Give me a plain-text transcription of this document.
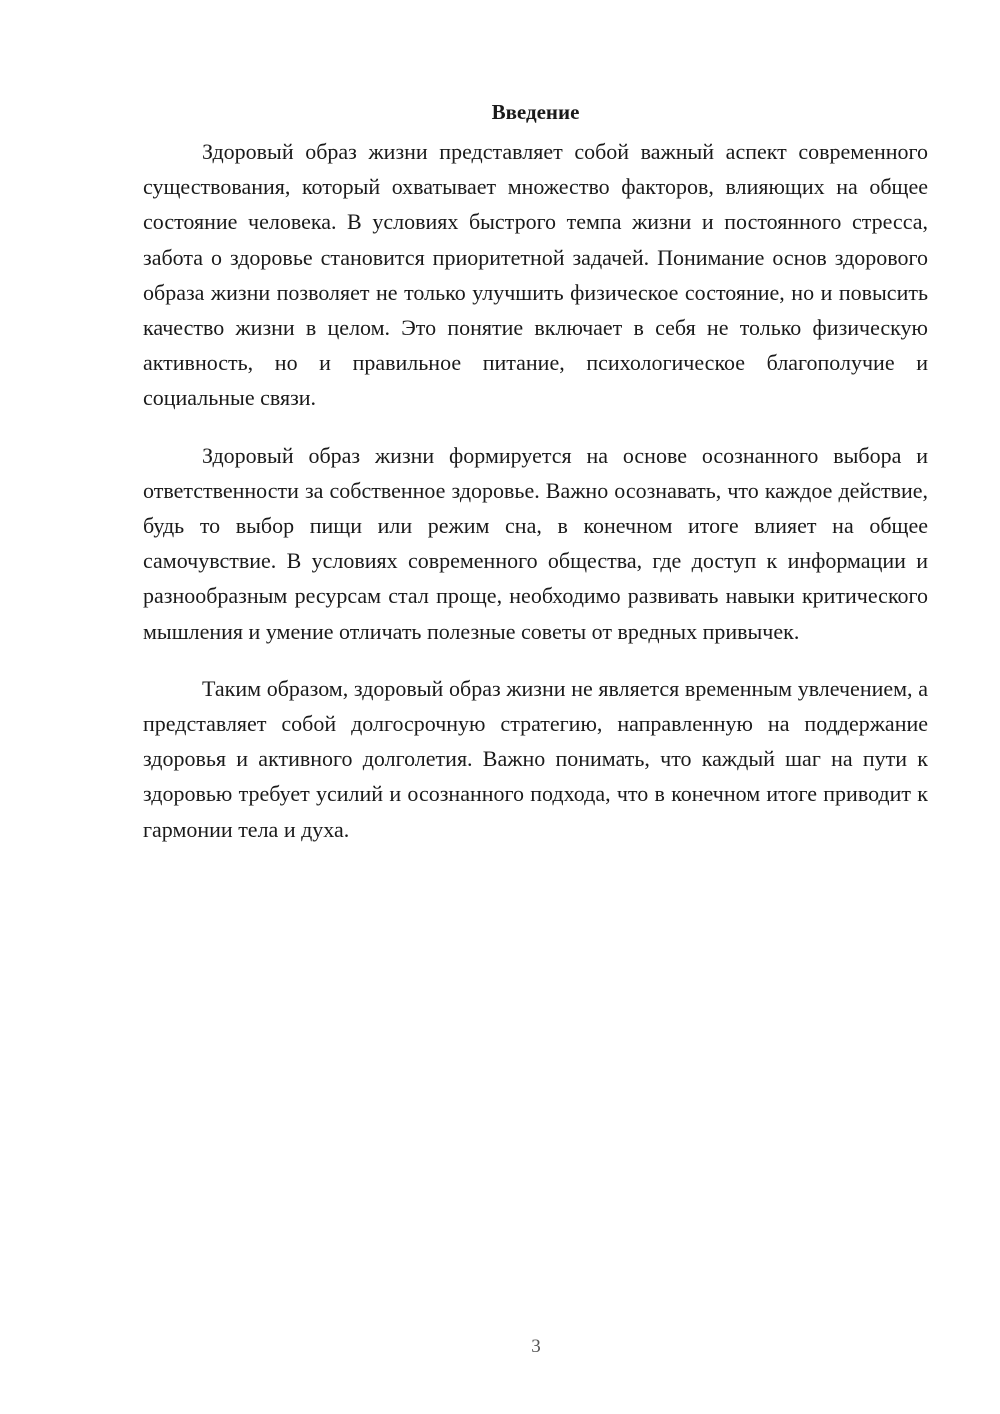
Введение

Здоровый образ жизни представляет собой важный аспект современного существования, который охватывает множество факторов, влияющих на общее состояние человека. В условиях быстрого темпа жизни и постоянного стресса, забота о здоровье становится приоритетной задачей. Понимание основ здорового образа жизни позволяет не только улучшить физическое состояние, но и повысить качество жизни в целом. Это понятие включает в себя не только физическую активность, но и правильное питание, психологическое благополучие и социальные связи.

Здоровый образ жизни формируется на основе осознанного выбора и ответственности за собственное здоровье. Важно осознавать, что каждое действие, будь то выбор пищи или режим сна, в конечном итоге влияет на общее самочувствие. В условиях современного общества, где доступ к информации и разнообразным ресурсам стал проще, необходимо развивать навыки критического мышления и умение отличать полезные советы от вредных привычек.

Таким образом, здоровый образ жизни не является временным увлечением, а представляет собой долгосрочную стратегию, направленную на поддержание здоровья и активного долголетия. Важно понимать, что каждый шаг на пути к здоровью требует усилий и осознанного подхода, что в конечном итоге приводит к гармонии тела и духа.

3
